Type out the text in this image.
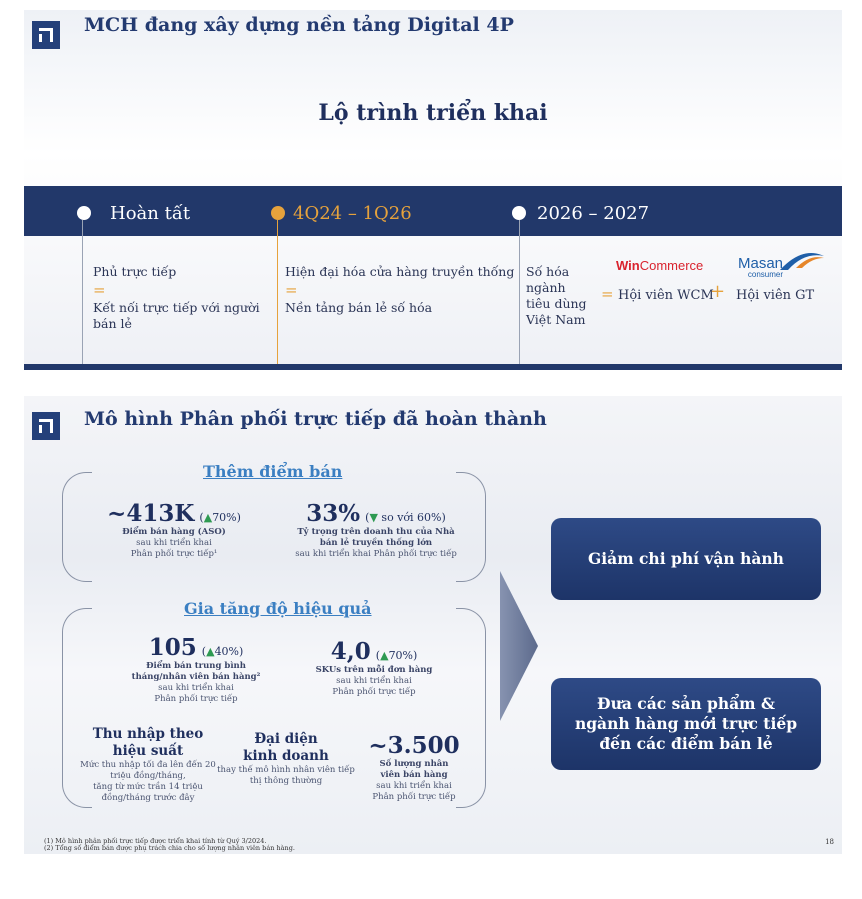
MCH đang xây dựng nền tảng Digital 4P
Lộ trình triển khai
Hoàn tất	4Q24 – 1Q26	2026 – 2027
Phủ trực tiếp
=
Kết nối trực tiếp với người bán lẻ
Hiện đại hóa cửa hàng truyền thống
=
Nền tảng bán lẻ số hóa
Số hóa ngành tiêu dùng Việt Nam
=
WinCommerce Masan
consumer
Hội viên WCM
+ Hội viên GT
Mô hình Phân phối trực tiếp đã hoàn thành
Thêm điểm bán
~413K (▲70%)
Điểm bán hàng (ASO)
sau khi triển khai
Phân phối trực tiếp¹
33% (▼ so với 60%)
Tỷ trọng trên doanh thu của Nhà
bán lẻ truyền thống lớn
sau khi triển khai Phân phối trực tiếp
Gia tăng độ hiệu quả
105 (▲40%)
Điểm bán trung bình
tháng/nhân viên bán hàng²
sau khi triển khai
Phân phối trực tiếp
4,0 (▲70%)
SKUs trên mỗi đơn hàng
sau khi triển khai
Phân phối trực tiếp
Thu nhập theo
hiệu suất
Mức thu nhập tối đa lên đến 20
triệu đồng/tháng,
tăng từ mức trần 14 triệu
đồng/tháng trước đây
Đại diện
kinh doanh
thay thế mô hình nhân viên tiếp
thị thông thường
~3.500
Số lượng nhân
viên bán hàng
sau khi triển khai
Phân phối trực tiếp
Giảm chi phí vận hành
Đưa các sản phẩm & ngành hàng mới trực tiếp đến các điểm bán lẻ
(1) Mô hình phân phối trực tiếp được triển khai tính từ Quý 3/2024.
(2) Tổng số điểm bán được phụ trách chia cho số lượng nhân viên bán hàng.
18
